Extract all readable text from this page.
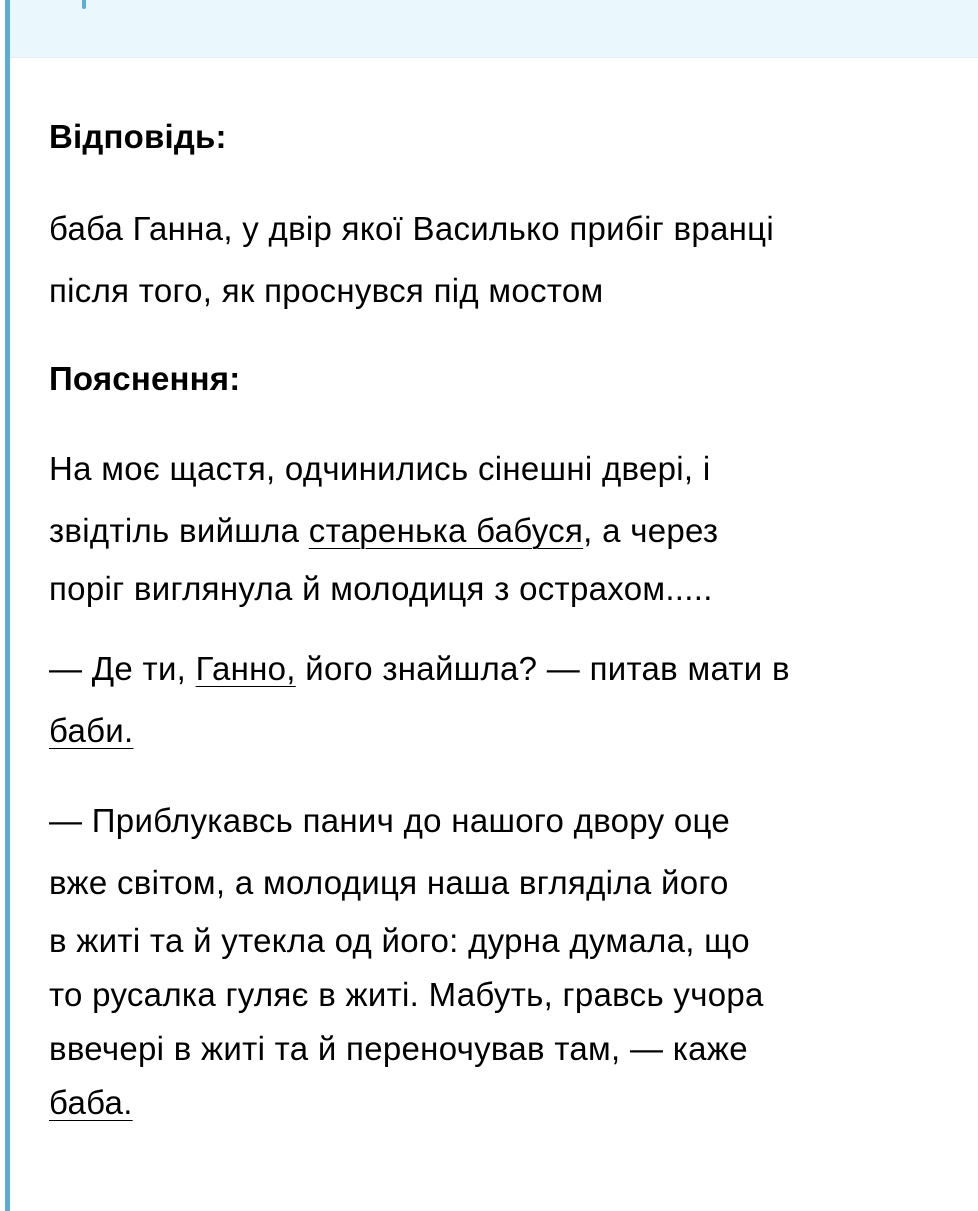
Відповідь:
баба Ганна, у двір якої Василько прибіг вранці
після того, як проснувся під мостом
Пояснення:
На моє щастя, одчинились сінешні двері, і
звідтіль вийшла старенька бабуся, а через
поріг виглянула й молодиця з острахом.....
— Де ти, Ганно, його знайшла? — питав мати в
баби.
— Приблукавсь панич до нашого двору оце
вже світом, а молодиця наша вгляділа його
в житі та й утекла од його: дурна думала, що
то русалка гуляє в житі. Мабуть, гравсь учора
ввечері в житі та й переночував там, — каже
баба.
